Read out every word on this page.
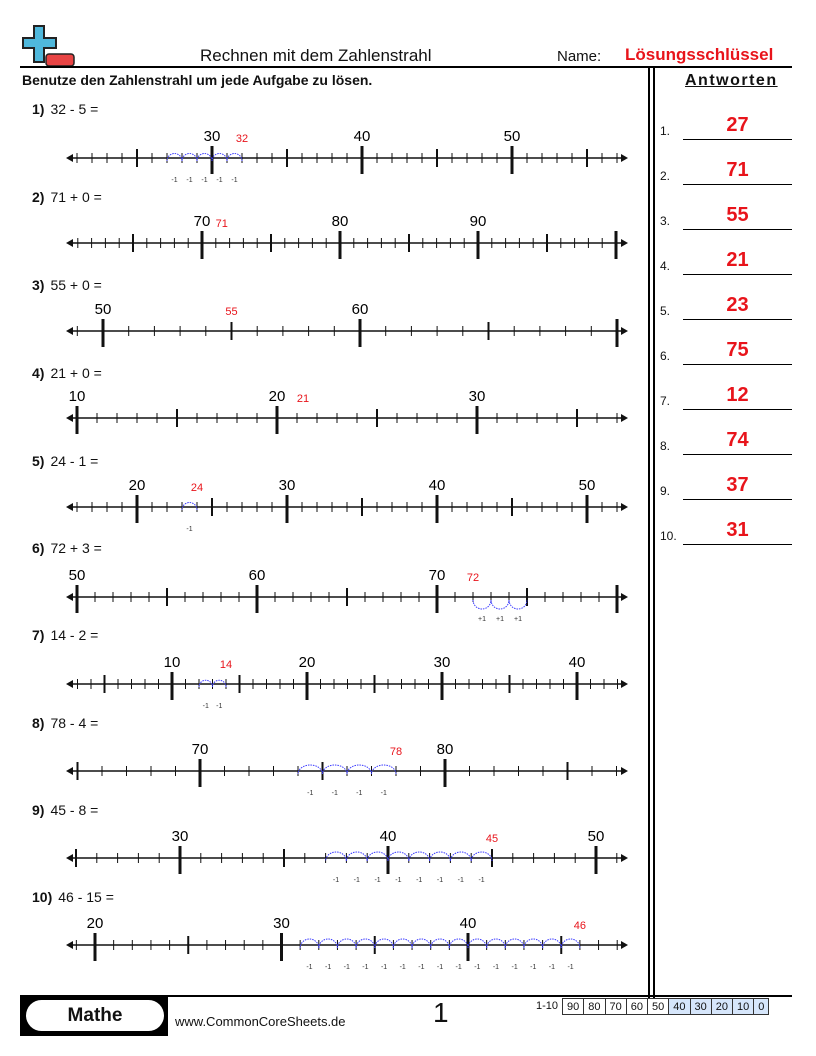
Rechnen mit dem Zahlenstrahl	Name: Lösungsschlüssel
Benutze den Zahlenstrahl um jede Aufgabe zu lösen.	Antworten
1) 32 - 5 =
2) 71 + 0 =
3) 55 + 0 =
4) 21 + 0 =
5) 24 - 1 =
6) 72 + 3 =
7) 14 - 2 =
8) 78 - 4 =
9) 45 - 8 =
10) 46 - 15 =
30	40	50
32
-1
-1
-1
-1
-1
70	80	90
71
50	60
55
10	20	30
21
20	30	40	50
24
-1
50	60	70 72
+1 +1 +1
10	20	30	40
14
-1
-1
70	80
78
-1
-1
-1
-1
30	40	50
45
-1
-1
-1
-1
-1
-1
-1
-1
20	30	40	46
-1
-1
-1
-1
-1
-1
-1
-1
-1
-1
-1
-1
-1
-1
-1
1.	27
2.	71
3.	55
4.	21
5.	23
6.	75
7.	12
8.	74
9.	37
10.	31
Mathe	www.CommonCoreSheets.de	1	1-10 90 80 70 60 50 40 30 20 10 0
